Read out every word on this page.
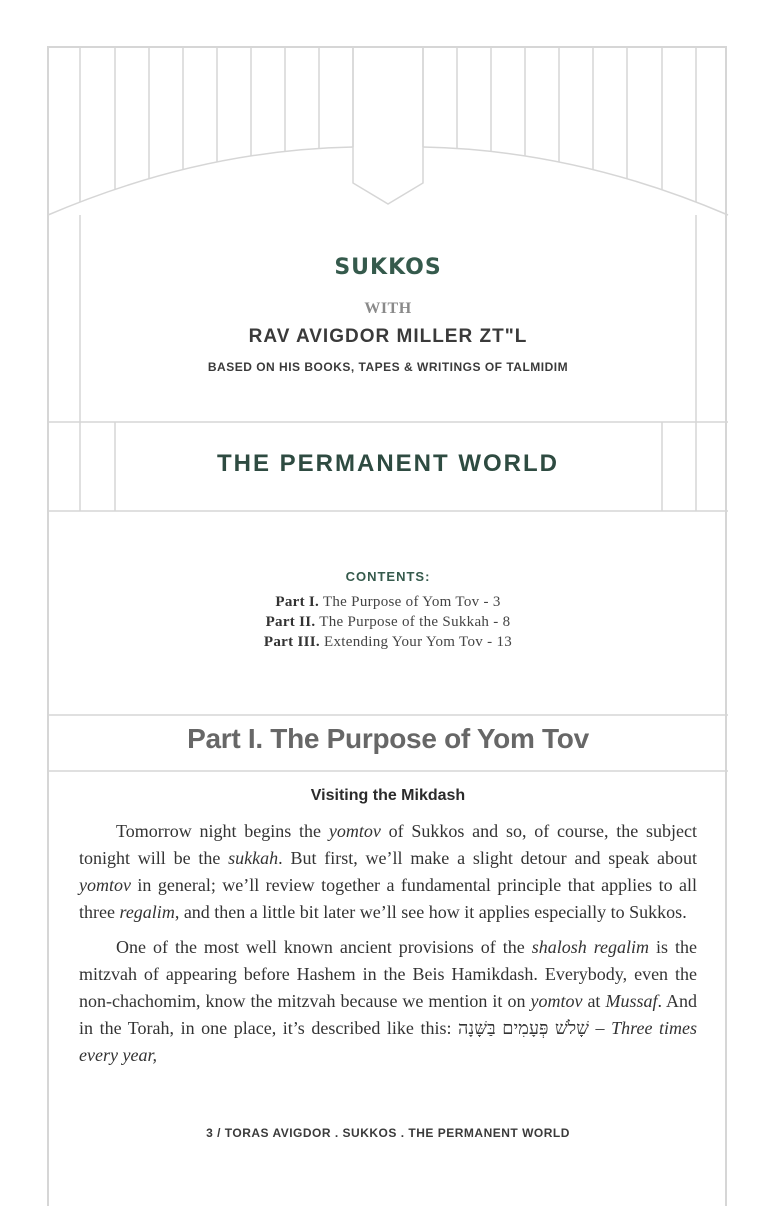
SUKKOS
WITH
RAV AVIGDOR MILLER ZT"L
BASED ON HIS BOOKS, TAPES & WRITINGS OF TALMIDIM
THE PERMANENT WORLD
CONTENTS:
Part I. The Purpose of Yom Tov - 3
Part II. The Purpose of the Sukkah - 8
Part III. Extending Your Yom Tov - 13
Part I. The Purpose of Yom Tov
Visiting the Mikdash

Tomorrow night begins the yomtov of Sukkos and so, of course, the subject tonight will be the sukkah. But first, we’ll make a slight detour and speak about yomtov in general; we’ll review together a fundamental principle that applies to all three regalim, and then a little bit later we’ll see how it applies especially to Sukkos.

One of the most well known ancient provisions of the shalosh regalim is the mitzvah of appearing before Hashem in the Beis Hamikdash. Everybody, even the non-chachomim, know the mitzvah because we mention it on yomtov at Mussaf. And in the Torah, in one place, it’s described like this: שָׁלֹשׁ פְּעָמִים בַּשָּׁנָה – Three times every year,

3 / TORAS AVIGDOR . SUKKOS . THE PERMANENT WORLD
